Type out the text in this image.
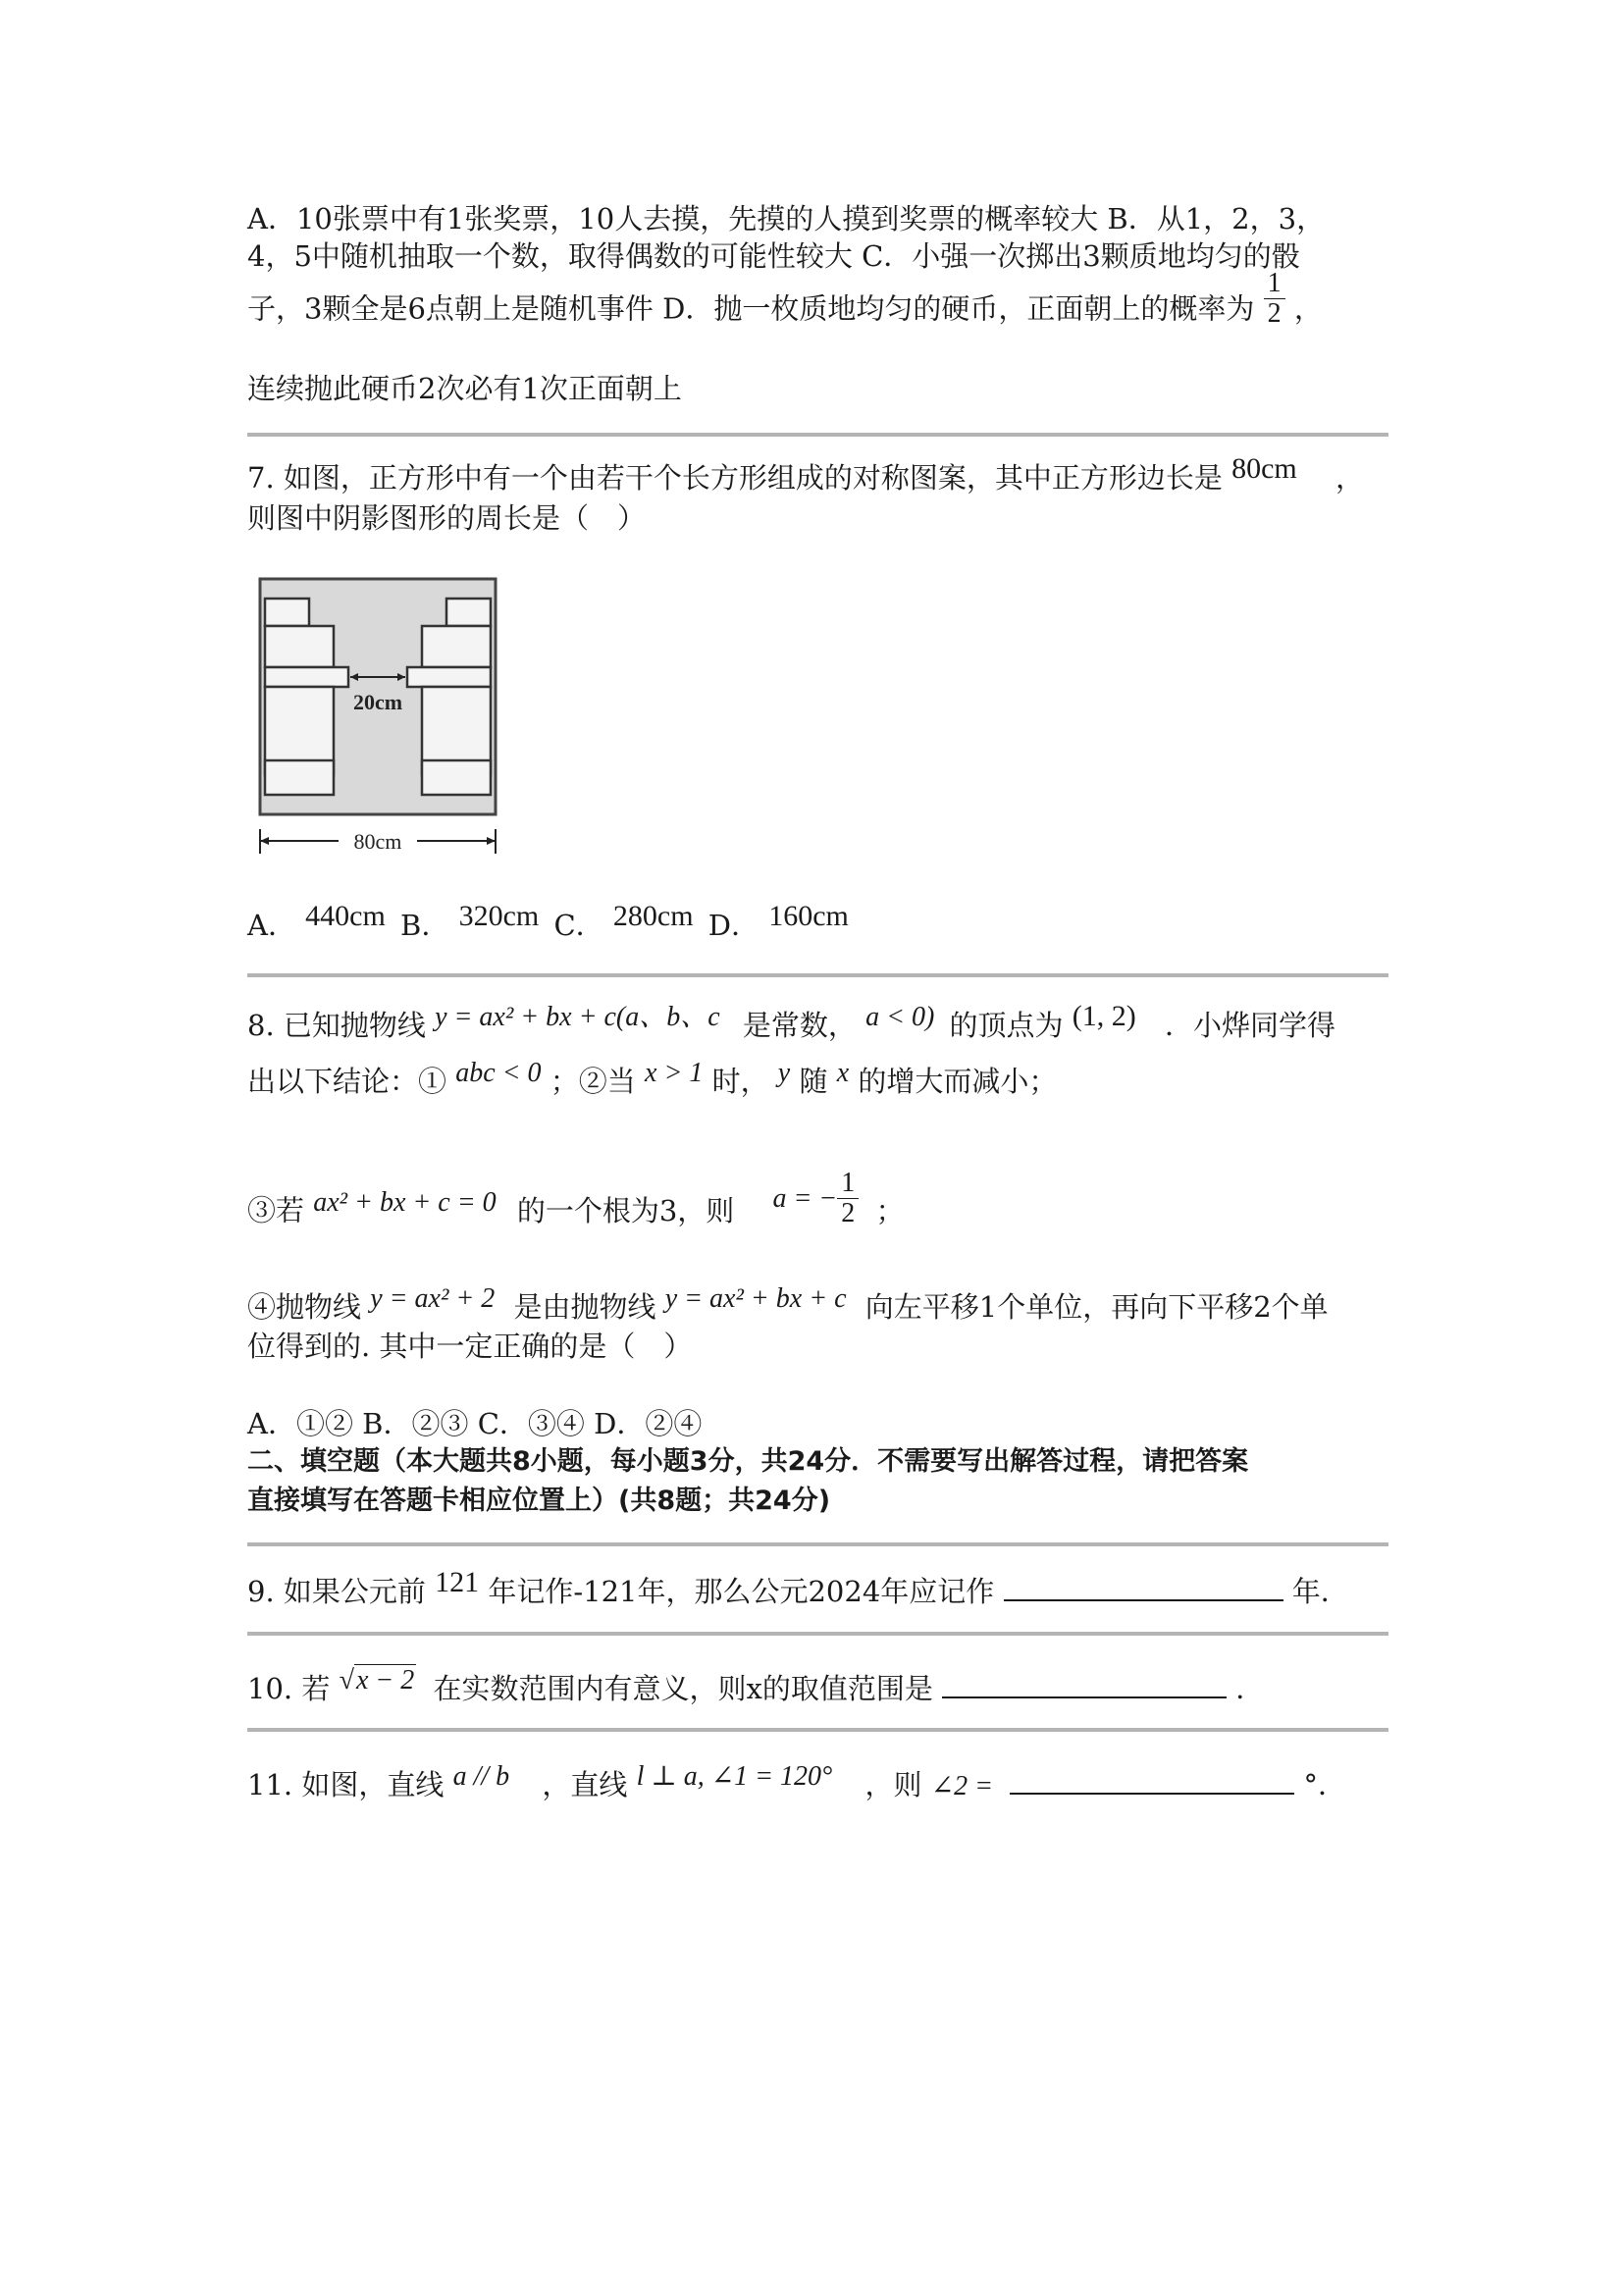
A．10张票中有1张奖票，10人去摸，先摸的人摸到奖票的概率较大 B．从1，2，3，
4，5中随机抽取一个数，取得偶数的可能性较大 C．小强一次掷出3颗质地均匀的骰
子，3颗全是6点朝上是随机事件 D．抛一枚质地均匀的硬币，正面朝上的概率为 $\frac{1}{2}$ ，
连续抛此硬币2次必有1次正面朝上
7. 如图，正方形中有一个由若干个长方形组成的对称图案，其中正方形边长是 80cm ，
则图中阴影图形的周长是（　）
20cm
80cm
A． 440cm B． 320cm C． 280cm D． 160cm
8. 已知抛物线 y = ax² + bx + c(a、b、c 是常数， a < 0) 的顶点为 (1, 2) ．小烨同学得
出以下结论：① abc < 0 ；②当 x > 1 时， y 随 x 的增大而减小；
③若 ax² + bx + c = 0 的一个根为3，则 a = − $\frac{1}{2}$ ；
④抛物线 y = ax² + 2 是由抛物线 y = ax² + bx + c 向左平移1个单位，再向下平移2个单
位得到的. 其中一定正确的是（　）
A．①② B．②③ C．③④ D．②④
二、填空题（本大题共8小题，每小题3分，共24分．不需要写出解答过程，请把答案
直接填写在答题卡相应位置上）(共8题；共24分)
9. 如果公元前 121 年记作-121年，那么公元2024年应记作	年．
10. 若 √x − 2 在实数范围内有意义，则x的取值范围是	．
11. 如图，直线 a // b ，直线 l ⊥ a, ∠1 = 120° ，则 ∠2 =	°．
